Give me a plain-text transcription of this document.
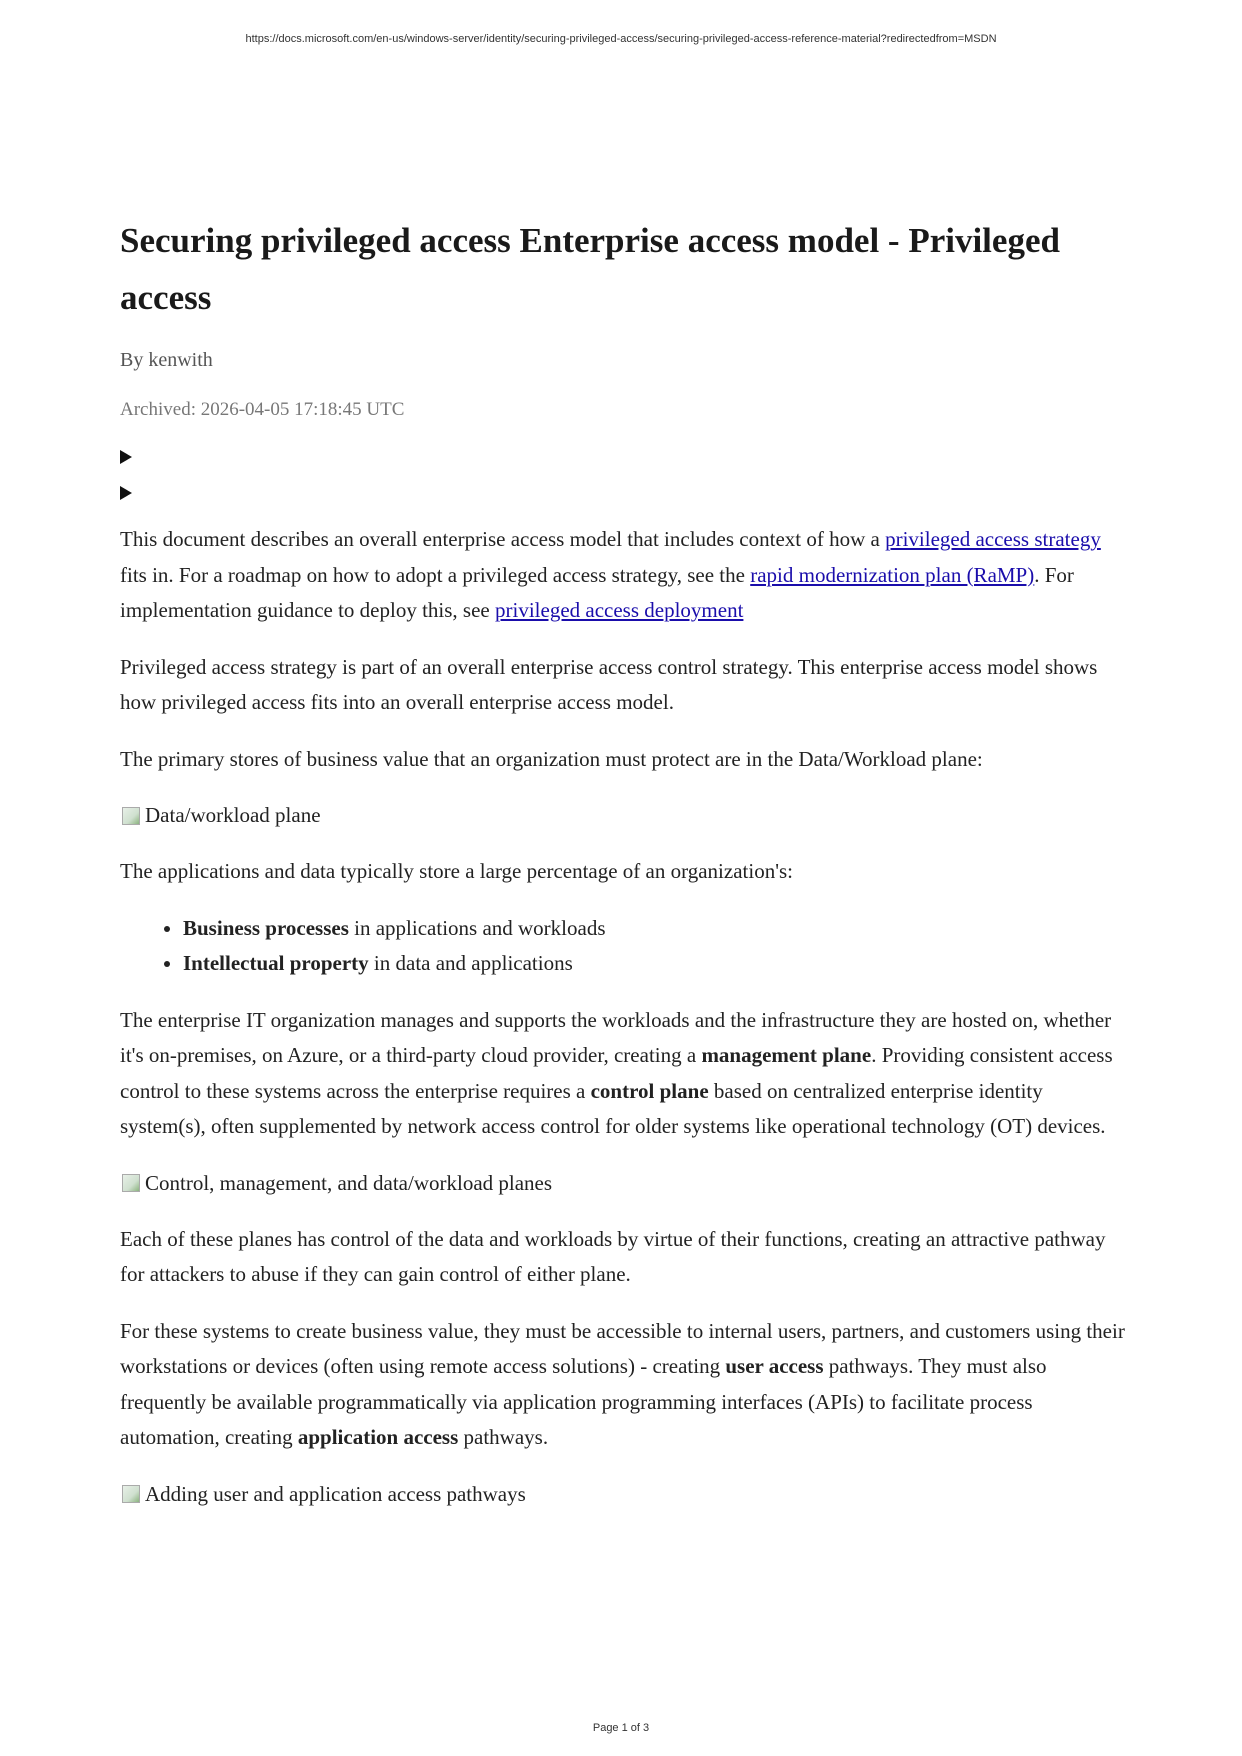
https://docs.microsoft.com/en-us/windows-server/identity/securing-privileged-access/securing-privileged-access-reference-material?redirectedfrom=MSDN
Securing privileged access Enterprise access model - Privileged access
By kenwith
Archived: 2026-04-05 17:18:45 UTC

This document describes an overall enterprise access model that includes context of how a privileged access strategy fits in. For a roadmap on how to adopt a privileged access strategy, see the rapid modernization plan (RaMP). For implementation guidance to deploy this, see privileged access deployment

Privileged access strategy is part of an overall enterprise access control strategy. This enterprise access model shows how privileged access fits into an overall enterprise access model.

The primary stores of business value that an organization must protect are in the Data/Workload plane:

Data/workload plane

The applications and data typically store a large percentage of an organization's:

• Business processes in applications and workloads
• Intellectual property in data and applications

The enterprise IT organization manages and supports the workloads and the infrastructure they are hosted on, whether it's on-premises, on Azure, or a third-party cloud provider, creating a management plane. Providing consistent access control to these systems across the enterprise requires a control plane based on centralized enterprise identity system(s), often supplemented by network access control for older systems like operational technology (OT) devices.

Control, management, and data/workload planes

Each of these planes has control of the data and workloads by virtue of their functions, creating an attractive pathway for attackers to abuse if they can gain control of either plane.

For these systems to create business value, they must be accessible to internal users, partners, and customers using their workstations or devices (often using remote access solutions) - creating user access pathways. They must also frequently be available programmatically via application programming interfaces (APIs) to facilitate process automation, creating application access pathways.

Adding user and application access pathways
Page 1 of 3
